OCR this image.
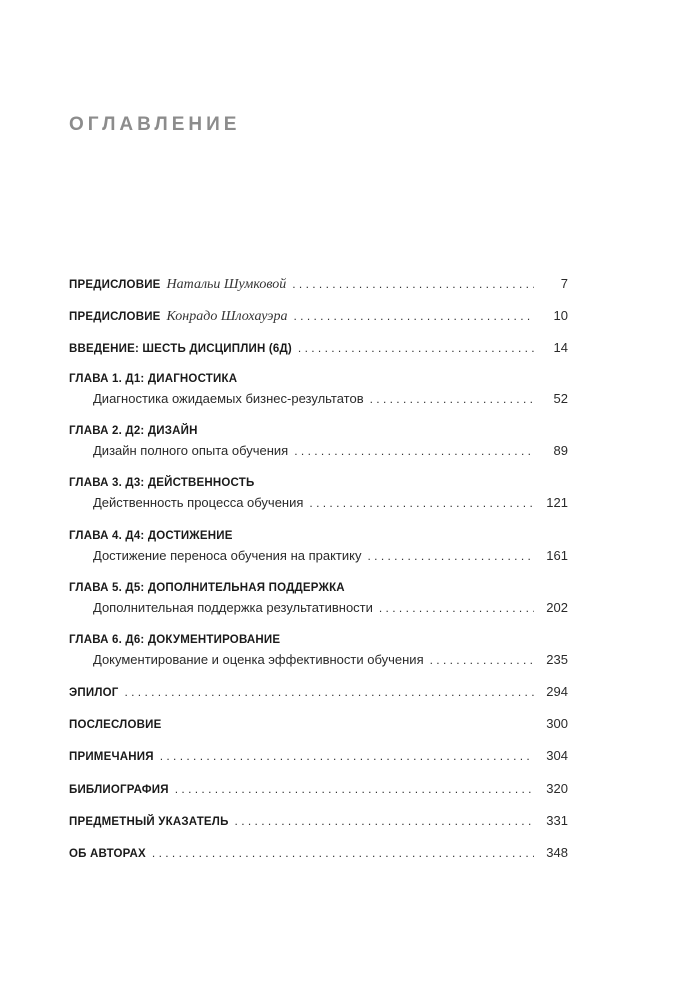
ОГЛАВЛЕНИЕ
ПРЕДИСЛОВИЕ Натальи Шумковой . . .	7
ПРЕДИСЛОВИЕ Конрадо Шлохауэра . . .	10
ВВЕДЕНИЕ: ШЕСТЬ ДИСЦИПЛИН (6Д) . . .	14
ГЛАВА 1. Д1: ДИАГНОСТИКА
Диагностика ожидаемых бизнес-результатов . . .	52
ГЛАВА 2. Д2: ДИЗАЙН
Дизайн полного опыта обучения . . .	89
ГЛАВА 3. Д3: ДЕЙСТВЕННОСТЬ
Действенность процесса обучения . . .	121
ГЛАВА 4. Д4: ДОСТИЖЕНИЕ
Достижение переноса обучения на практику . . .	161
ГЛАВА 5. Д5: ДОПОЛНИТЕЛЬНАЯ ПОДДЕРЖКА
Дополнительная поддержка результативности . . .	202
ГЛАВА 6. Д6: ДОКУМЕНТИРОВАНИЕ
Документирование и оценка эффективности обучения . . .	235
ЭПИЛОГ . . .	294
ПОСЛЕСЛОВИЕ	300
ПРИМЕЧАНИЯ . . .	304
БИБЛИОГРАФИЯ . . .	320
ПРЕДМЕТНЫЙ УКАЗАТЕЛЬ . . .	331
ОБ АВТОРАХ . . .	348
